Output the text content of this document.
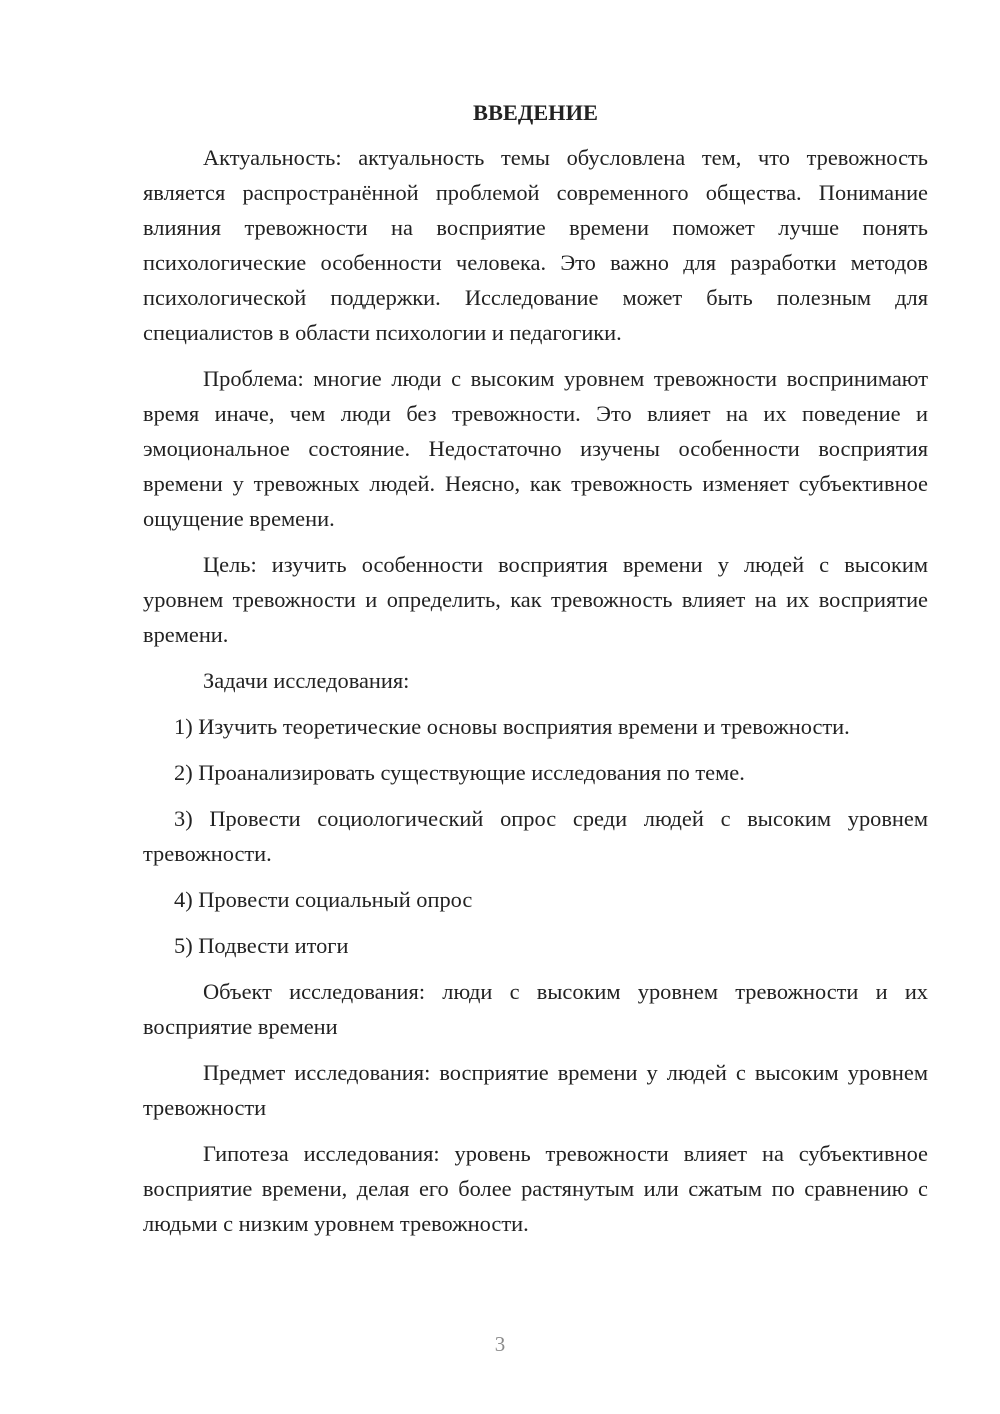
ВВЕДЕНИЕ

Актуальность: актуальность темы обусловлена тем, что тревожность является распространённой проблемой современного общества. Понимание влияния тревожности на восприятие времени поможет лучше понять психологические особенности человека. Это важно для разработки методов психологической поддержки. Исследование может быть полезным для специалистов в области психологии и педагогики.

Проблема: многие люди с высоким уровнем тревожности воспринимают время иначе, чем люди без тревожности. Это влияет на их поведение и эмоциональное состояние. Недостаточно изучены особенности восприятия времени у тревожных людей. Неясно, как тревожность изменяет субъективное ощущение времени.

Цель: изучить особенности восприятия времени у людей с высоким уровнем тревожности и определить, как тревожность влияет на их восприятие времени.

Задачи исследования:

1) Изучить теоретические основы восприятия времени и тревожности.

2) Проанализировать существующие исследования по теме.

3) Провести социологический опрос среди людей с высоким уровнем тревожности.

4) Провести социальный опрос

5) Подвести итоги

Объект исследования: люди с высоким уровнем тревожности и их восприятие времени

Предмет исследования: восприятие времени у людей с высоким уровнем тревожности

Гипотеза исследования: уровень тревожности влияет на субъективное восприятие времени, делая его более растянутым или сжатым по сравнению с людьми с низким уровнем тревожности.

3
